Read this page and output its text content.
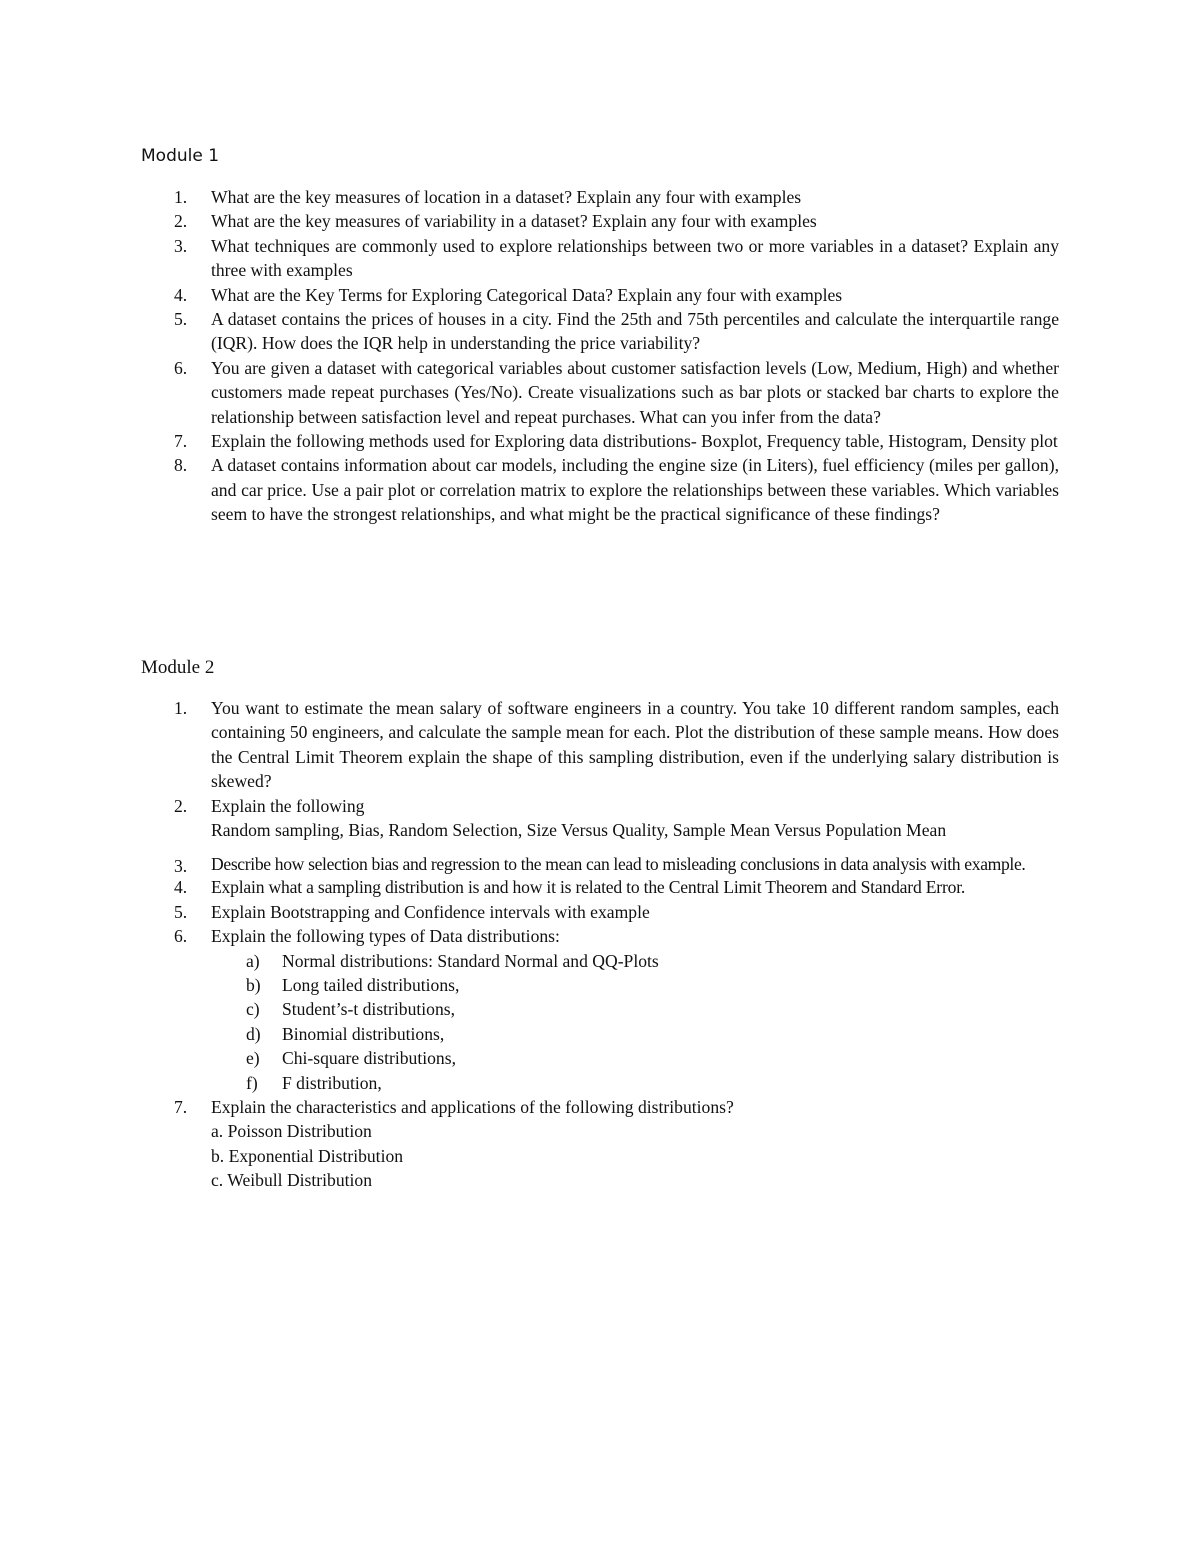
Module 1
1. What are the key measures of location in a dataset? Explain any four with examples
2. What are the key measures of variability in a dataset? Explain any four with examples
3. What techniques are commonly used to explore relationships between two or more variables in a dataset? Explain any three with examples
4. What are the Key Terms for Exploring Categorical Data? Explain any four with examples
5. A dataset contains the prices of houses in a city. Find the 25th and 75th percentiles and calculate the interquartile range (IQR). How does the IQR help in understanding the price variability?
6. You are given a dataset with categorical variables about customer satisfaction levels (Low, Medium, High) and whether customers made repeat purchases (Yes/No). Create visualizations such as bar plots or stacked bar charts to explore the relationship between satisfaction level and repeat purchases. What can you infer from the data?
7. Explain the following methods used for Exploring data distributions- Boxplot, Frequency table, Histogram, Density plot
8. A dataset contains information about car models, including the engine size (in Liters), fuel efficiency (miles per gallon), and car price. Use a pair plot or correlation matrix to explore the relationships between these variables. Which variables seem to have the strongest relationships, and what might be the practical significance of these findings?
Module 2
1. You want to estimate the mean salary of software engineers in a country. You take 10 different random samples, each containing 50 engineers, and calculate the sample mean for each. Plot the distribution of these sample means. How does the Central Limit Theorem explain the shape of this sampling distribution, even if the underlying salary distribution is skewed?
2. Explain the following
Random sampling, Bias, Random Selection, Size Versus Quality, Sample Mean Versus Population Mean
3. Describe how selection bias and regression to the mean can lead to misleading conclusions in data analysis with example.
4. Explain what a sampling distribution is and how it is related to the Central Limit Theorem and Standard Error.
5. Explain Bootstrapping and Confidence intervals with example
6. Explain the following types of Data distributions:
a) Normal distributions: Standard Normal and QQ-Plots
b) Long tailed distributions,
c) Student’s-t distributions,
d) Binomial distributions,
e) Chi-square distributions,
f) F distribution,
7. Explain the characteristics and applications of the following distributions?
a. Poisson Distribution
b. Exponential Distribution
c. Weibull Distribution
